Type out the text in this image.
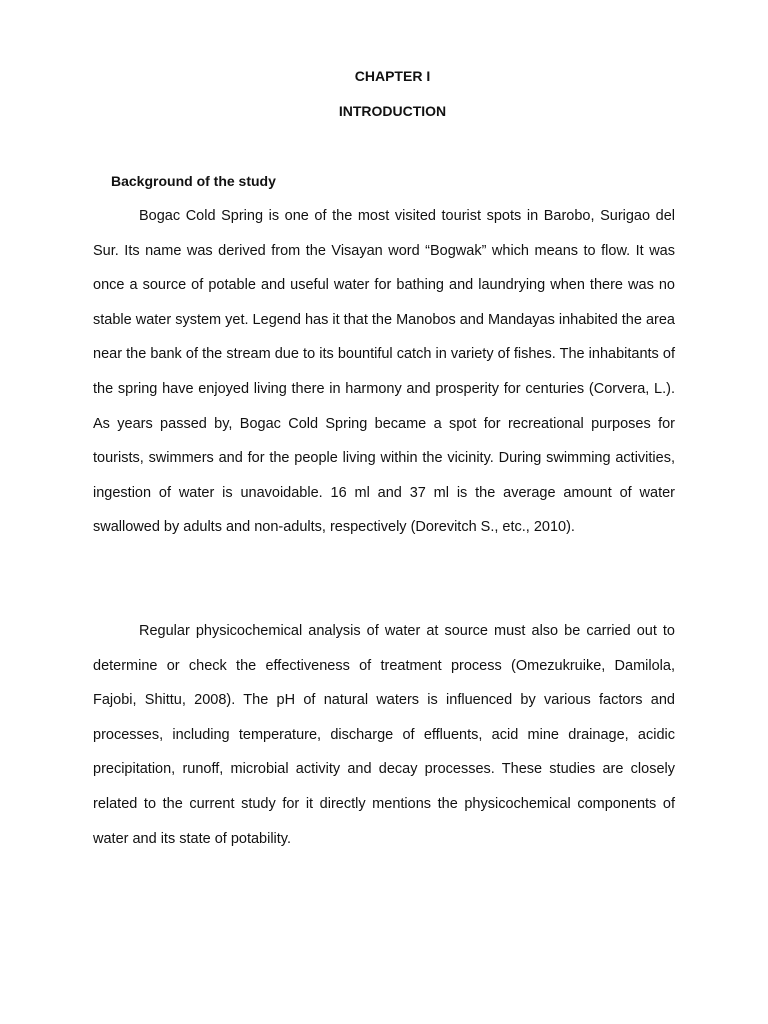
CHAPTER I
INTRODUCTION
Background of the study

Bogac Cold Spring is one of the most visited tourist spots in Barobo, Surigao del Sur. Its name was derived from the Visayan word “Bogwak” which means to flow. It was once a source of potable and useful water for bathing and laundrying when there was no stable water system yet. Legend has it that the Manobos and Mandayas inhabited the area near the bank of the stream due to its bountiful catch in variety of fishes. The inhabitants of the spring have enjoyed living there in harmony and prosperity for centuries (Corvera, L.). As years passed by, Bogac Cold Spring became a spot for recreational purposes for tourists, swimmers and for the people living within the vicinity. During swimming activities, ingestion of water is unavoidable. 16 ml and 37 ml is the average amount of water swallowed by adults and non-adults, respectively (Dorevitch S., etc., 2010).

Regular physicochemical analysis of water at source must also be carried out to determine or check the effectiveness of treatment process (Omezukruike, Damilola, Fajobi, Shittu, 2008). The pH of natural waters is influenced by various factors and processes, including temperature, discharge of effluents, acid mine drainage, acidic precipitation, runoff, microbial activity and decay processes. These studies are closely related to the current study for it directly mentions the physicochemical components of water and its state of potability.
